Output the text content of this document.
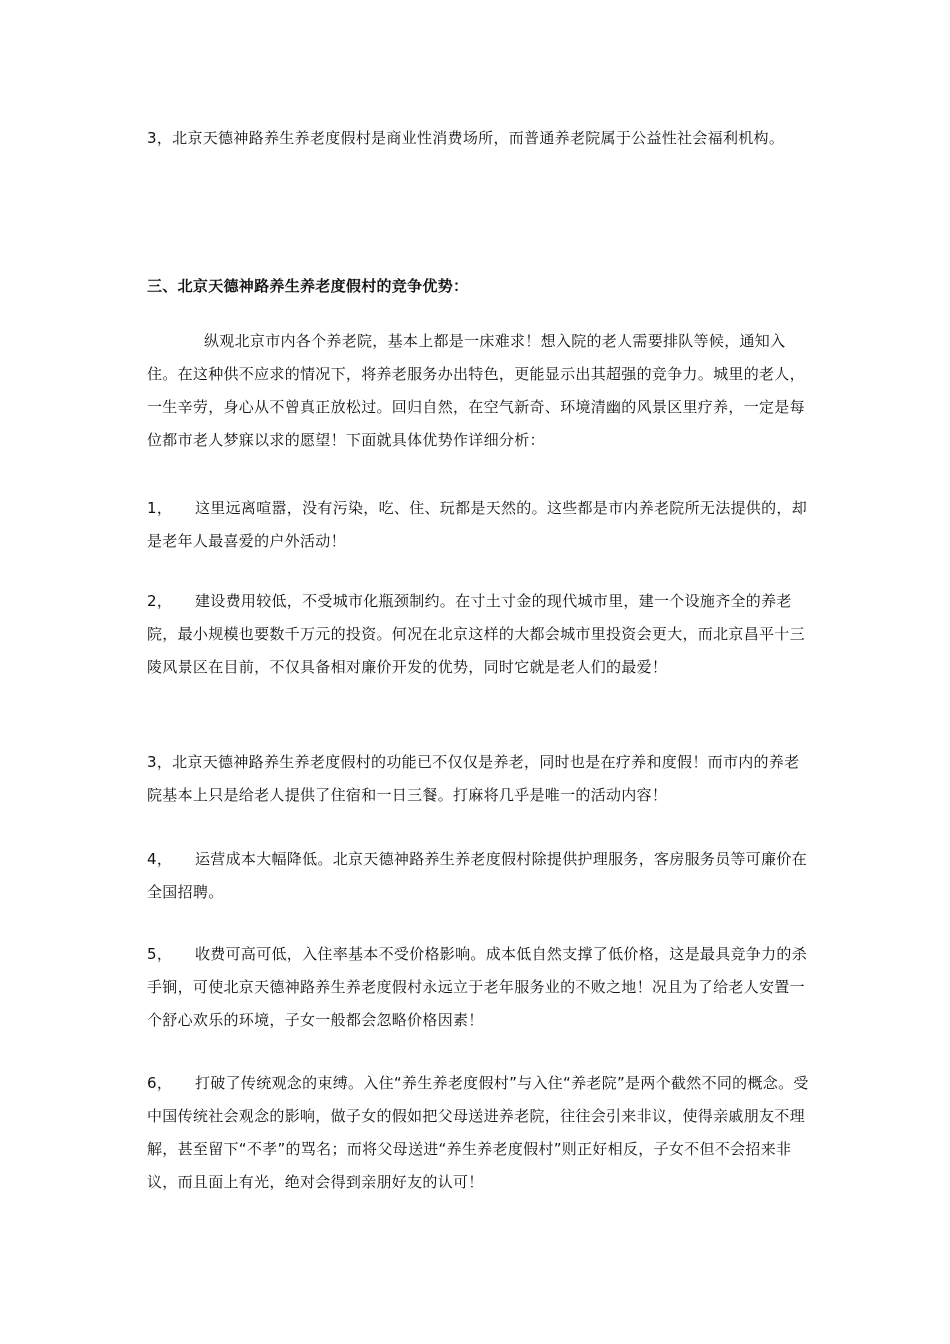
3，北京天德神路养生养老度假村是商业性消费场所，而普通养老院属于公益性社会福利机构。

三、北京天德神路养生养老度假村的竞争优势：

纵观北京市内各个养老院，基本上都是一床难求！想入院的老人需要排队等候，通知入住。在这种供不应求的情况下，将养老服务办出特色，更能显示出其超强的竞争力。城里的老人，一生辛劳，身心从不曾真正放松过。回归自然，在空气新奇、环境清幽的风景区里疗养，一定是每位都市老人梦寐以求的愿望！下面就具体优势作详细分析：

1， 这里远离喧嚣，没有污染，吃、住、玩都是天然的。这些都是市内养老院所无法提供的，却是老年人最喜爱的户外活动！

2， 建设费用较低，不受城市化瓶颈制约。在寸土寸金的现代城市里，建一个设施齐全的养老院，最小规模也要数千万元的投资。何况在北京这样的大都会城市里投资会更大，而北京昌平十三陵风景区在目前，不仅具备相对廉价开发的优势，同时它就是老人们的最爱！

3，北京天德神路养生养老度假村的功能已不仅仅是养老，同时也是在疗养和度假！而市内的养老院基本上只是给老人提供了住宿和一日三餐。打麻将几乎是唯一的活动内容！

4， 运营成本大幅降低。北京天德神路养生养老度假村除提供护理服务，客房服务员等可廉价在全国招聘。

5， 收费可高可低，入住率基本不受价格影响。成本低自然支撑了低价格，这是最具竞争力的杀手锏，可使北京天德神路养生养老度假村永远立于老年服务业的不败之地！况且为了给老人安置一个舒心欢乐的环境，子女一般都会忽略价格因素！

6， 打破了传统观念的束缚。入住“养生养老度假村”与入住“养老院”是两个截然不同的概念。受中国传统社会观念的影响，做子女的假如把父母送进养老院，往往会引来非议，使得亲戚朋友不理解，甚至留下“不孝”的骂名；而将父母送进“养生养老度假村”则正好相反，子女不但不会招来非议，而且面上有光，绝对会得到亲朋好友的认可！
